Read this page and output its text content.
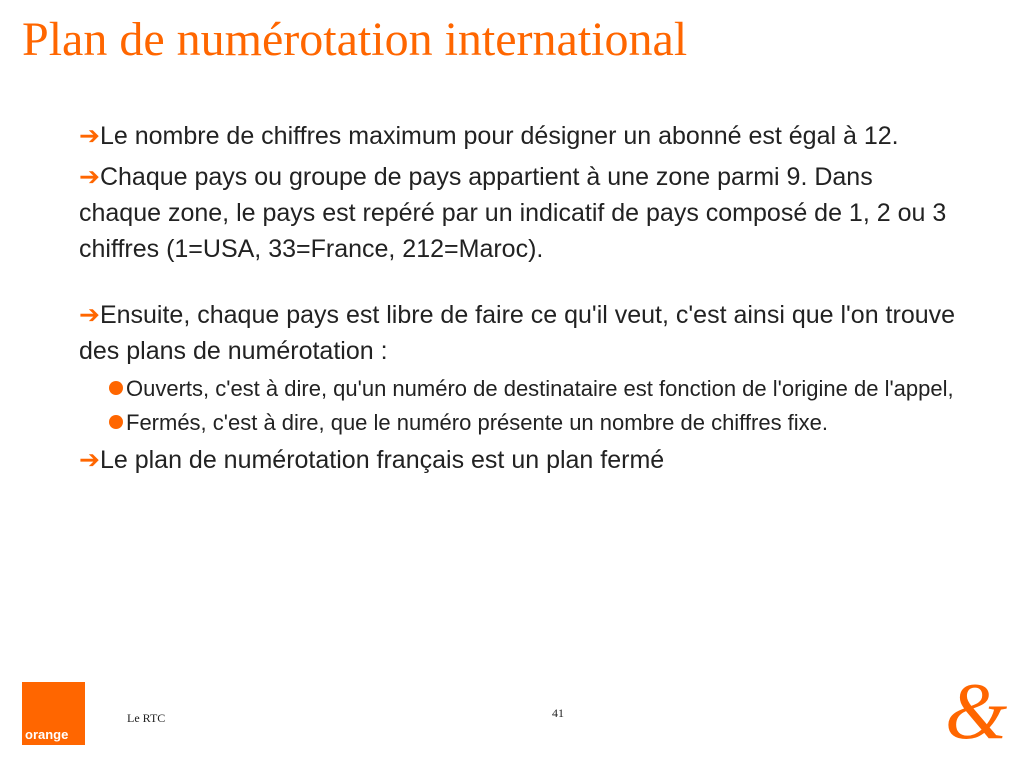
Plan de numérotation international

➔Le nombre de chiffres maximum pour désigner un abonné est égal à 12.

➔Chaque pays ou groupe de pays appartient à une zone parmi 9. Dans chaque zone, le pays est repéré par un indicatif de pays composé de 1, 2 ou 3 chiffres (1=USA, 33=France, 212=Maroc).

➔Ensuite, chaque pays est libre de faire ce qu'il veut, c'est ainsi que l'on trouve des plans de numérotation :

Ouverts, c'est à dire, qu'un numéro de destinataire est fonction de l'origine de l'appel,

Fermés, c'est à dire, que le numéro présente un nombre de chiffres fixe.

➔Le plan de numérotation français est un plan fermé

orange
Le RTC	41	&
